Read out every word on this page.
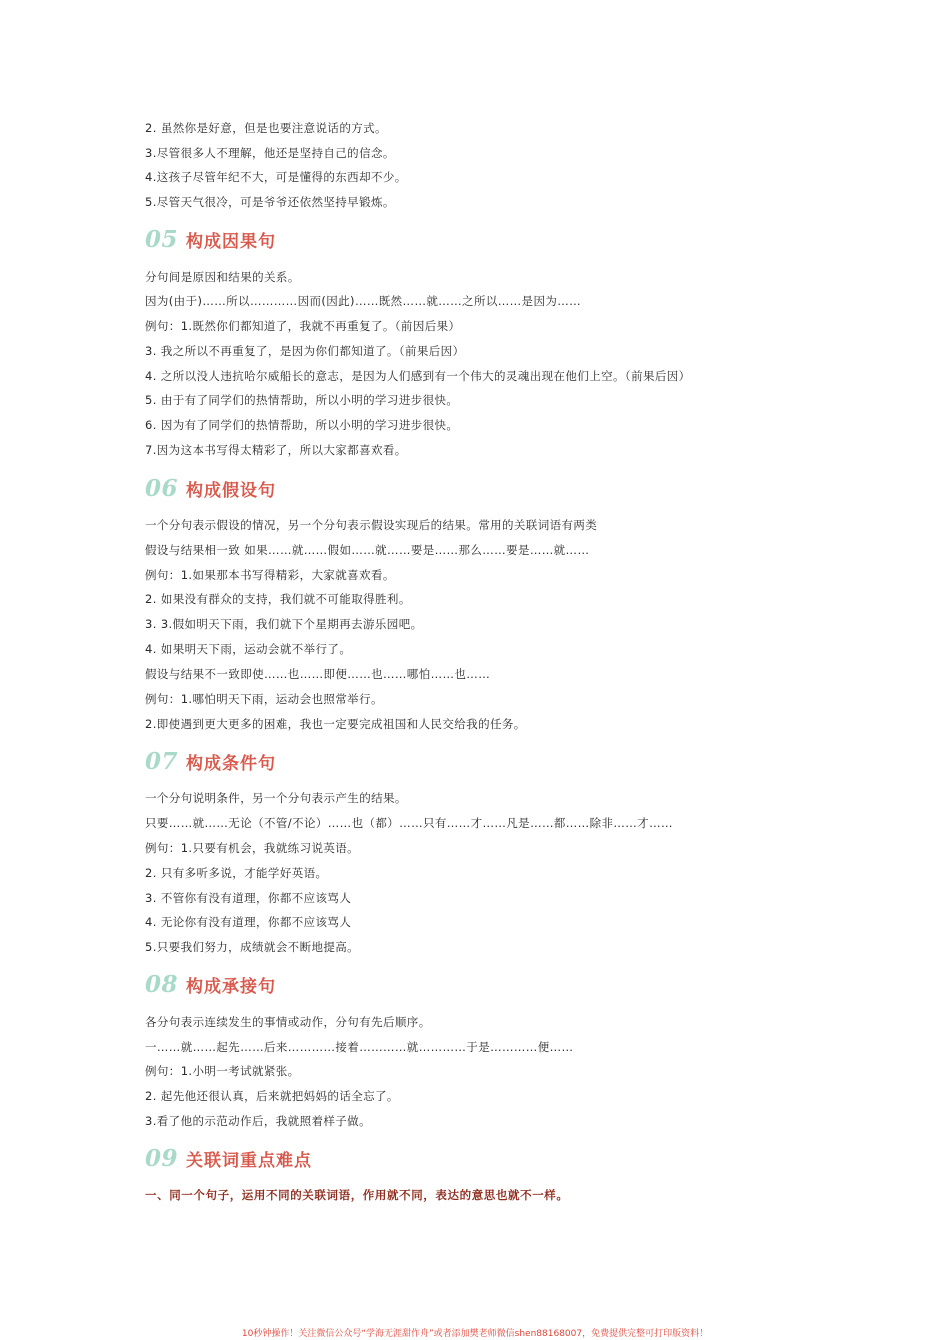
2. 虽然你是好意，但是也要注意说话的方式。
3.尽管很多人不理解，他还是坚持自己的信念。
4.这孩子尽管年纪不大，可是懂得的东西却不少。
5.尽管天气很冷，可是爷爷还依然坚持早锻炼。
05 构成因果句
分句间是原因和结果的关系。
因为(由于)……所以…………因而(因此)……既然……就……之所以……是因为……
例句：1.既然你们都知道了，我就不再重复了。（前因后果）
3. 我之所以不再重复了，是因为你们都知道了。（前果后因）
4. 之所以没人违抗哈尔威船长的意志，是因为人们感到有一个伟大的灵魂出现在他们上空。（前果后因）
5. 由于有了同学们的热情帮助，所以小明的学习进步很快。
6. 因为有了同学们的热情帮助，所以小明的学习进步很快。
7.因为这本书写得太精彩了，所以大家都喜欢看。
06 构成假设句
一个分句表示假设的情况，另一个分句表示假设实现后的结果。常用的关联词语有两类
假设与结果相一致 如果……就……假如……就……要是……那么……要是……就……
例句：1.如果那本书写得精彩，大家就喜欢看。
2. 如果没有群众的支持，我们就不可能取得胜利。
3. 3.假如明天下雨，我们就下个星期再去游乐园吧。
4. 如果明天下雨，运动会就不举行了。
假设与结果不一致即使……也……即便……也……哪怕……也……
例句：1.哪怕明天下雨，运动会也照常举行。
2.即使遇到更大更多的困难，我也一定要完成祖国和人民交给我的任务。
07 构成条件句
一个分句说明条件，另一个分句表示产生的结果。
只要……就……无论（不管/不论）……也（都）……只有……才……凡是……都……除非……才……
例句：1.只要有机会，我就练习说英语。
2. 只有多听多说，才能学好英语。
3. 不管你有没有道理，你都不应该骂人
4. 无论你有没有道理，你都不应该骂人
5.只要我们努力，成绩就会不断地提高。
08 构成承接句
各分句表示连续发生的事情或动作，分句有先后顺序。
一……就……起先……后来…………接着…………就…………于是…………便……
例句：1.小明一考试就紧张。
2. 起先他还很认真，后来就把妈妈的话全忘了。
3.看了他的示范动作后，我就照着样子做。
09 关联词重点难点
一、同一个句子，运用不同的关联词语，作用就不同，表达的意思也就不一样。
10秒钟操作！关注微信公众号“学海无涯甜作舟”或者添加樊老师微信shen88168007，免费提供完整可打印版资料！
